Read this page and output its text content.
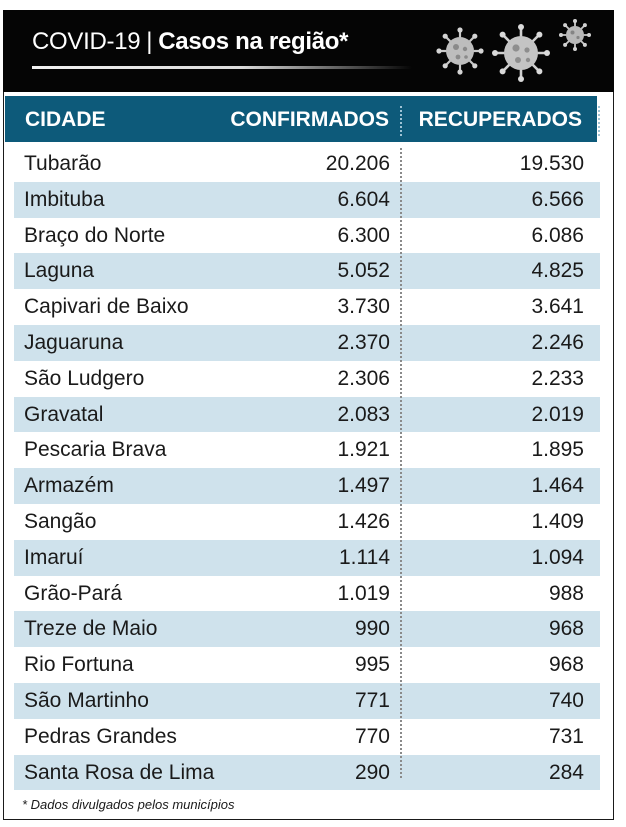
COVID-19 | Casos na região*
CIDADE	CONFIRMADOS RECUPERADOS
Tubarão	20.206	19.530
Imbituba	6.604	6.566
Braço do Norte	6.300	6.086
Laguna	5.052	4.825
Capivari de Baixo	3.730	3.641
Jaguaruna	2.370	2.246
São Ludgero	2.306	2.233
Gravatal	2.083	2.019
Pescaria Brava	1.921	1.895
Armazém	1.497	1.464
Sangão	1.426	1.409
Imaruí	1.114	1.094
Grão-Pará	1.019	988
Treze de Maio	990	968
Rio Fortuna	995	968
São Martinho	771	740
Pedras Grandes	770	731
Santa Rosa de Lima	290	284
* Dados divulgados pelos municípios
